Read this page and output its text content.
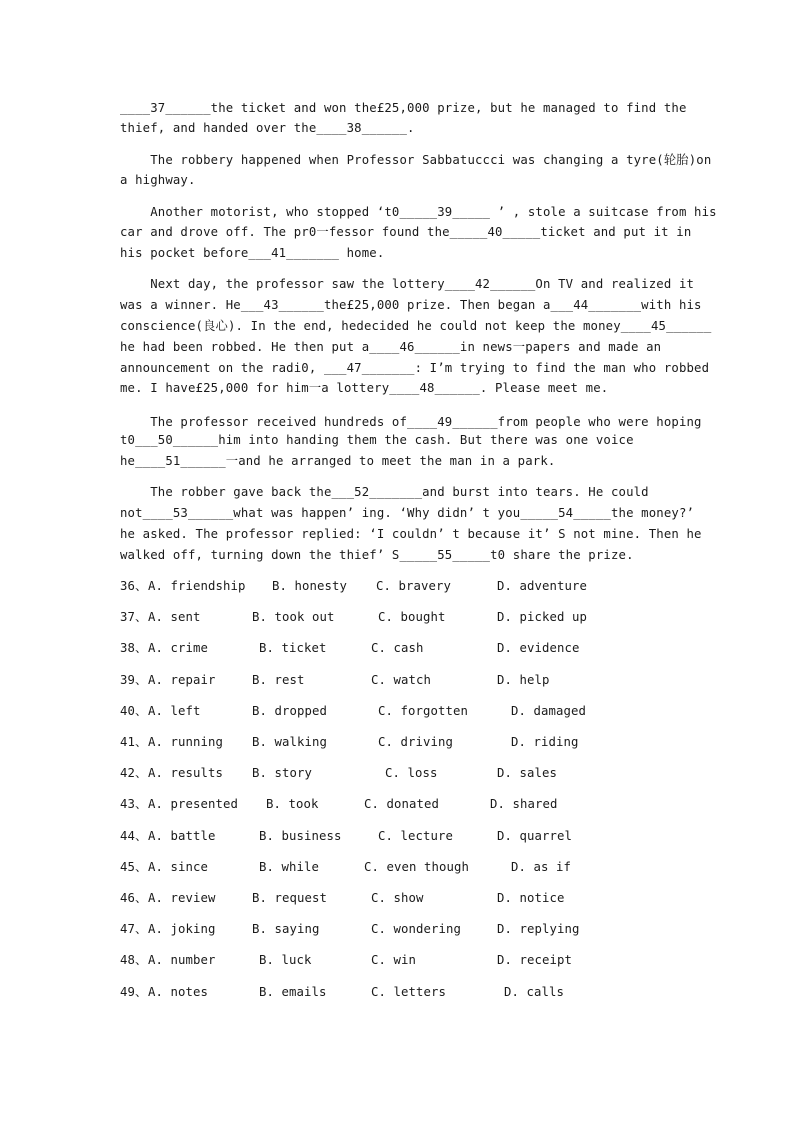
____37______the ticket and won the£25,000 prize, but he managed to find the
thief, and handed over the____38______.
The robbery happened when Professor Sabbatuccci was changing a tyre(轮胎)on
a highway.
Another motorist, who stopped ‘t0_____39_____ ’ , stole a suitcase from his
car and drove off. The pr0一fessor found the_____40_____ticket and put it in
his pocket before___41_______ home.
Next day, the professor saw the lottery____42______On TV and realized it
was a winner. He___43______the£25,000 prize. Then began a___44_______with his
conscience(良心). In the end, hedecided he could not keep the money____45______
he had been robbed. He then put a____46______in news一papers and made an
announcement on the radi0, ___47_______: I’m trying to find the man who robbed
me. I have£25,000 for him一a lottery____48______. Please meet me.
The professor received hundreds of____49______from people who were hoping
t0___50______him into handing them the cash. But there was one voice
he____51______一and he arranged to meet the man in a park.
The robber gave back the___52_______and burst into tears. He could
not____53______what was happen’ ing. ‘Why didn’ t you_____54_____the money?’
he asked. The professor replied: ‘I couldn’ t because it’ S not mine. Then he
walked off, turning down the thief’ S_____55_____t0 share the prize.
36、 A. friendship B. honesty C. bravery	D. adventure
37、 A. sent	B. took out	C. bought	D. picked up
38、 A. crime	B. ticket	C. cash	D. evidence
39、 A. repair	B. rest	C. watch	D. help
40、 A. left	B. dropped	C. forgotten	D. damaged
41、 A. running B. walking	C. driving	D. riding
42、 A. results B. story	C. loss	D. sales
43、 A. presented B. took	C. donated	D. shared
44、 A. battle	B. business	C. lecture	D. quarrel
45、 A. since	B. while	C. even though	D. as if
46、 A. review	B. request	C. show	D. notice
47、 A. joking	B. saying	C. wondering	D. replying
48、 A. number	B. luck	C. win	D. receipt
49、 A. notes	B. emails	C. letters	D. calls
